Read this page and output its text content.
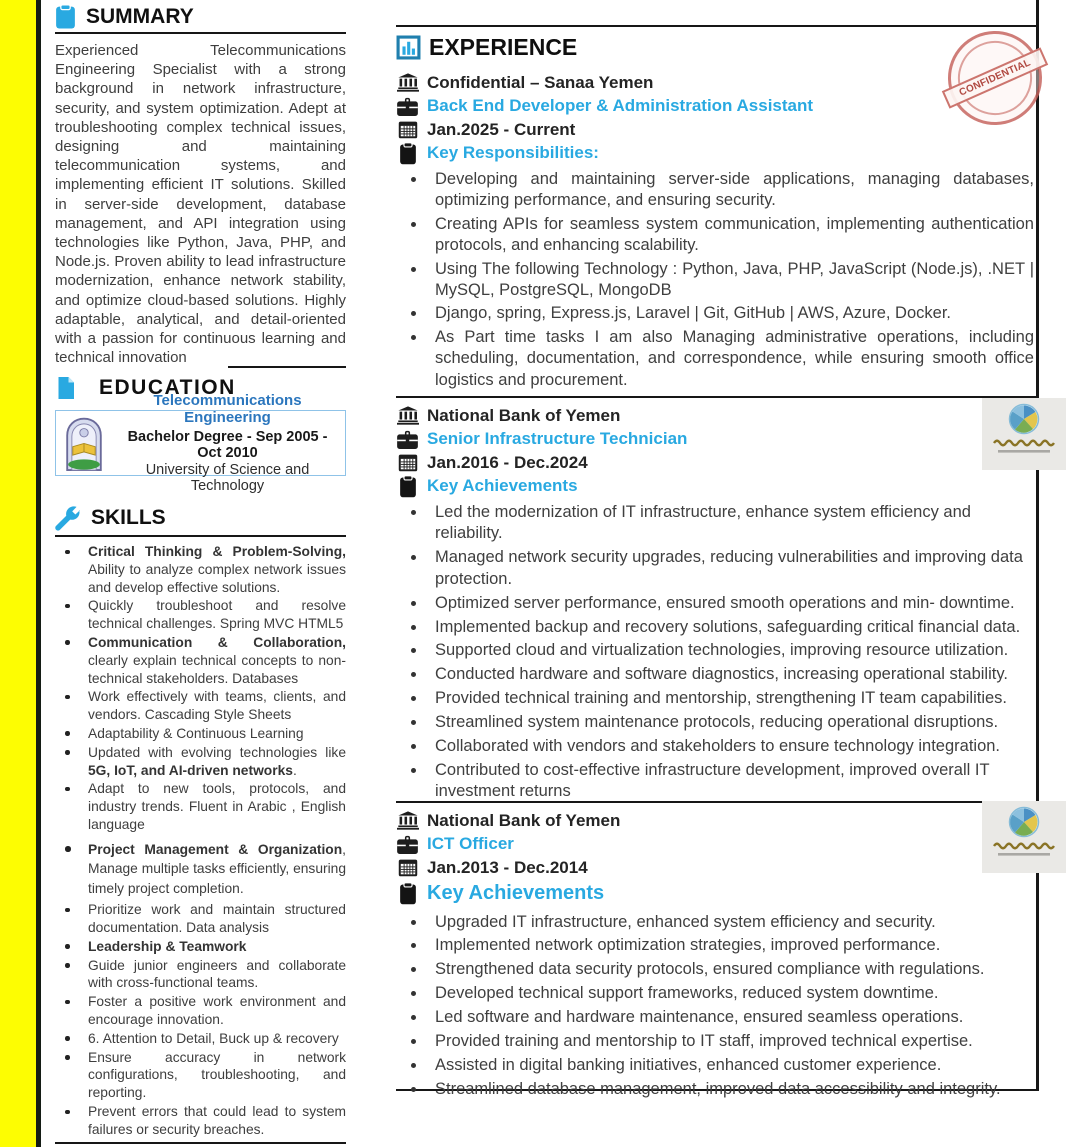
SUMMARY

Experienced Telecommunications Engineering Specialist with a strong background in network infrastructure, security, and system optimization. Adept at troubleshooting complex technical issues, designing and maintaining telecommunication systems, and implementing efficient IT solutions. Skilled in server-side development, database management, and API integration using technologies like Python, Java, PHP, and Node.js. Proven ability to lead infrastructure modernization, enhance network stability, and optimize cloud-based solutions. Highly adaptable, analytical, and detail-oriented with a passion for continuous learning and technical innovation

EDUCATION
Telecommunications Engineering
Bachelor Degree - Sep 2005 - Oct 2010
University of Science and Technology
SKILLS
Critical Thinking & Problem-Solving, Ability to analyze complex network issues and develop effective solutions.
Quickly troubleshoot and resolve technical challenges. Spring MVC HTML5
Communication & Collaboration, clearly explain technical concepts to non-technical stakeholders. Databases
Work effectively with teams, clients, and vendors. Cascading Style Sheets
Adaptability & Continuous Learning
Updated with evolving technologies like 5G, IoT, and AI-driven networks.
Adapt to new tools, protocols, and industry trends. Fluent in Arabic , English language
Project Management & Organization, Manage multiple tasks efficiently, ensuring timely project completion.
Prioritize work and maintain structured documentation. Data analysis
Leadership & Teamwork
Guide junior engineers and collaborate with cross-functional teams.
Foster a positive work environment and encourage innovation.
6. Attention to Detail, Buck up & recovery
Ensure accuracy in network configurations, troubleshooting, and reporting.
Prevent errors that could lead to system failures or security breaches.
EXPERIENCE
Confidential – Sanaa Yemen
Back End Developer & Administration Assistant
Jan.2025 - Current
Key Responsibilities:
Developing and maintaining server-side applications, managing databases, optimizing performance, and ensuring security.
Creating APIs for seamless system communication, implementing authentication protocols, and enhancing scalability.
Using The following Technology : Python, Java, PHP, JavaScript (Node.js), .NET | MySQL, PostgreSQL, MongoDB
Django, spring, Express.js, Laravel | Git, GitHub | AWS, Azure, Docker.
As Part time tasks I am also Managing administrative operations, including scheduling, documentation, and correspondence, while ensuring smooth office logistics and procurement.
CONFIDENTIAL
National Bank of Yemen
Senior Infrastructure Technician
Jan.2016 - Dec.2024
Key Achievements
Led the modernization of IT infrastructure, enhance system efficiency and reliability.
Managed network security upgrades, reducing vulnerabilities and improving data protection.
Optimized server performance, ensured smooth operations and min- downtime.
Implemented backup and recovery solutions, safeguarding critical financial data.
Supported cloud and virtualization technologies, improving resource utilization.
Conducted hardware and software diagnostics, increasing operational stability.
Provided technical training and mentorship, strengthening IT team capabilities.
Streamlined system maintenance protocols, reducing operational disruptions.
Collaborated with vendors and stakeholders to ensure technology integration.
Contributed to cost-effective infrastructure development, improved overall IT investment returns
National Bank of Yemen
ICT Officer
Jan.2013 - Dec.2014
Key Achievements
Upgraded IT infrastructure, enhanced system efficiency and security.
Implemented network optimization strategies, improved performance.
Strengthened data security protocols, ensured compliance with regulations.
Developed technical support frameworks, reduced system downtime.
Led software and hardware maintenance, ensured seamless operations.
Provided training and mentorship to IT staff, improved technical expertise.
Assisted in digital banking initiatives, enhanced customer experience.
Streamlined database management, improved data accessibility and integrity.
